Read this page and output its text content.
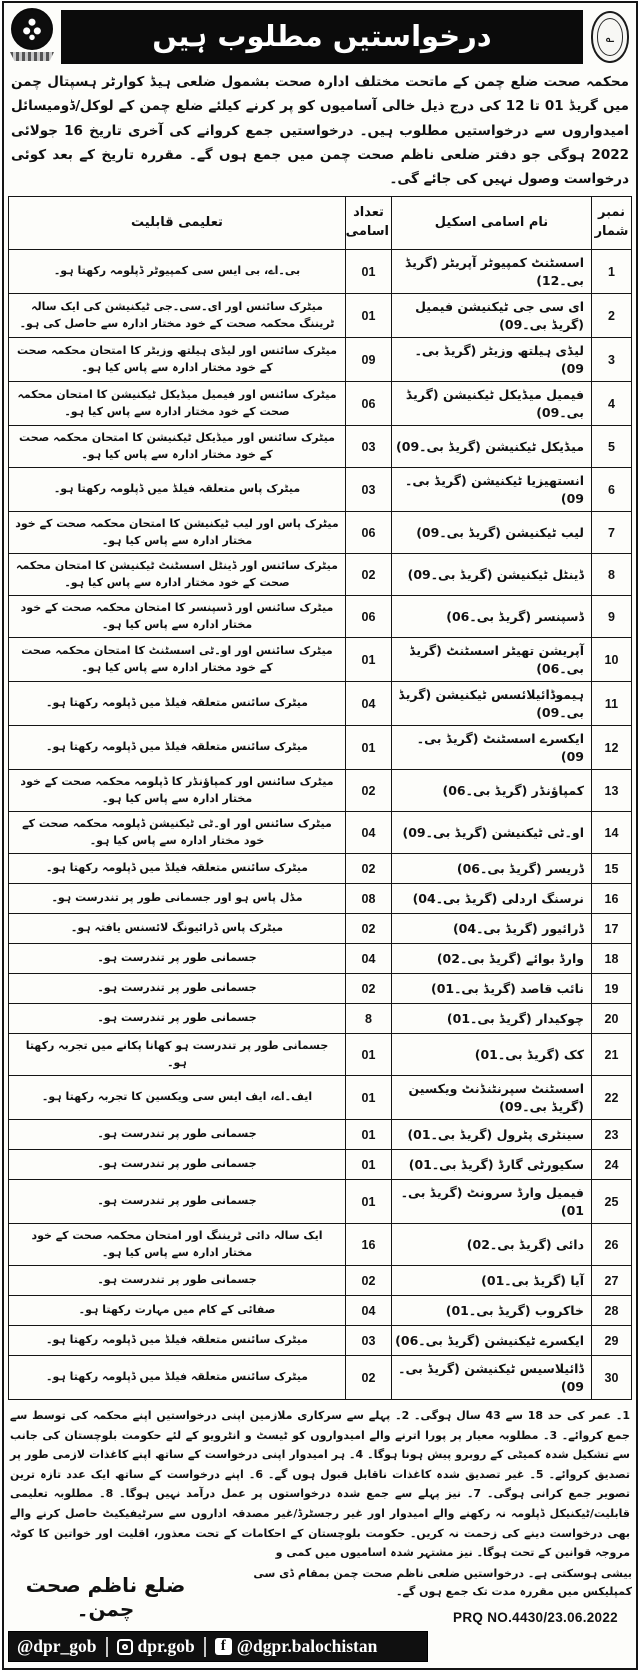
درخواستیں مطلوب ہیں	؎
محکمہ صحت ضلع چمن کے ماتحت مختلف ادارہ صحت بشمول ضلعی ہیڈ کوارٹر ہسپتال چمن میں گریڈ 01 تا 12 کی درج ذیل خالی آسامیوں کو پر کرنے کیلئے ضلع چمن کے لوکل/ڈومیسائل امیدواروں سے درخواستیں مطلوب ہیں۔ درخواستیں جمع کروانے کی آخری تاریخ 16 جولائی 2022 ہوگی جو دفتر ضلعی ناظم صحت چمن میں جمع ہوں گے۔ مقررہ تاریخ کے بعد کوئی درخواست وصول نہیں کی جائے گی۔
نمبر شمار	نام اسامی اسکیل	تعداد اسامی	تعلیمی قابلیت
1	اسسٹنٹ کمپیوٹر آپریٹر (گریڈ بی۔12)	01	بی۔اے، بی ایس سی کمپیوٹر ڈپلومہ رکھتا ہو۔
2	ای سی جی ٹیکنیشن فیمیل (گریڈ بی۔09)	01	میٹرک سائنس اور ای۔سی۔جی ٹیکنیشن کی ایک سالہ ٹریننگ محکمہ صحت کے خود مختار ادارہ سے حاصل کی ہو۔
3	لیڈی ہیلتھ وزیٹر (گریڈ بی۔09)	09	میٹرک سائنس اور لیڈی ہیلتھ وزیٹر کا امتحان محکمہ صحت کے خود مختار ادارہ سے پاس کیا ہو۔
4	فیمیل میڈیکل ٹیکنیشن (گریڈ بی۔09)	06	میٹرک سائنس اور فیمیل میڈیکل ٹیکنیشن کا امتحان محکمہ صحت کے خود مختار ادارہ سے پاس کیا ہو۔
5	میڈیکل ٹیکنیشن (گریڈ بی۔09)	03	میٹرک سائنس اور میڈیکل ٹیکنیشن کا امتحان محکمہ صحت کے خود مختار ادارہ سے پاس کیا ہو۔
6	انستھیزیا ٹیکنیشن (گریڈ بی۔09)	03	میٹرک پاس متعلقہ فیلڈ میں ڈپلومہ رکھتا ہو۔
7	لیب ٹیکنیشن (گریڈ بی۔09)	06	میٹرک پاس اور لیب ٹیکنیشن کا امتحان محکمہ صحت کے خود مختار ادارہ سے پاس کیا ہو۔
8	ڈینٹل ٹیکنیشن (گریڈ بی۔09)	02	میٹرک سائنس اور ڈینٹل اسسٹنٹ ٹیکنیشن کا امتحان محکمہ صحت کے خود مختار ادارہ سے پاس کیا ہو۔
9	ڈسپنسر (گریڈ بی۔06)	06	میٹرک سائنس اور ڈسپنسر کا امتحان محکمہ صحت کے خود مختار ادارہ سے پاس کیا ہو۔
10	آپریشن تھیٹر اسسٹنٹ (گریڈ بی۔06)	01	میٹرک سائنس اور او۔ٹی اسسٹنٹ کا امتحان محکمہ صحت کے خود مختار ادارہ سے پاس کیا ہو۔
11	ہیموڈائیلائسس ٹیکنیشن (گریڈ بی۔09)	04	میٹرک سائنس متعلقہ فیلڈ میں ڈپلومہ رکھتا ہو۔
12	ایکسرے اسسٹنٹ (گریڈ بی۔09)	01	میٹرک سائنس متعلقہ فیلڈ میں ڈپلومہ رکھتا ہو۔
13	کمپاؤنڈر (گریڈ بی۔06)	02	میٹرک سائنس اور کمپاؤنڈر کا ڈپلومہ محکمہ صحت کے خود مختار ادارہ سے پاس کیا ہو۔
14	او۔ٹی ٹیکنیشن (گریڈ بی۔09)	04	میٹرک سائنس اور او۔ٹی ٹیکنیشن ڈپلومہ محکمہ صحت کے خود مختار ادارہ سے پاس کیا ہو۔
15	ڈریسر (گریڈ بی۔06)	02	میٹرک سائنس متعلقہ فیلڈ میں ڈپلومہ رکھتا ہو۔
16	نرسنگ اردلی (گریڈ بی۔04)	08	مڈل پاس ہو اور جسمانی طور پر تندرست ہو۔
17	ڈرائیور (گریڈ بی۔04)	02	میٹرک پاس ڈرائیونگ لائسنس یافتہ ہو۔
18	وارڈ بوائے (گریڈ بی۔02)	04	جسمانی طور پر تندرست ہو۔
19	نائب قاصد (گریڈ بی۔01)	02	جسمانی طور پر تندرست ہو۔
20	چوکیدار (گریڈ بی۔01)	8	جسمانی طور پر تندرست ہو۔
21	کک (گریڈ بی۔01)	01	جسمانی طور پر تندرست ہو کھانا پکانے میں تجربہ رکھتا ہو۔
22	اسسٹنٹ سپرنٹنڈنٹ ویکسین (گریڈ بی۔09)	01	ایف۔اے، ایف ایس سی ویکسین کا تجربہ رکھتا ہو۔
23	سینٹری پٹرول (گریڈ بی۔01)	01	جسمانی طور پر تندرست ہو۔
24	سکیورٹی گارڈ (گریڈ بی۔01)	01	جسمانی طور پر تندرست ہو۔
25	فیمیل وارڈ سرونٹ (گریڈ بی۔01)	01	جسمانی طور پر تندرست ہو۔
26	دائی (گریڈ بی۔02)	16	ایک سالہ دائی ٹریننگ اور امتحان محکمہ صحت کے خود مختار ادارہ سے پاس کیا ہو۔
27	آیا (گریڈ بی۔01)	02	جسمانی طور پر تندرست ہو۔
28	خاکروب (گریڈ بی۔01)	04	صفائی کے کام میں مہارت رکھتا ہو۔
29	ایکسرے ٹیکنیشن (گریڈ بی۔06)	03	میٹرک سائنس متعلقہ فیلڈ میں ڈپلومہ رکھتا ہو۔
30	ڈائیلاسیس ٹیکنیشن (گریڈ بی۔09)	02	میٹرک سائنس متعلقہ فیلڈ میں ڈپلومہ رکھتا ہو۔
1۔ عمر کی حد 18 سے 43 سال ہوگی۔ 2۔ پہلے سے سرکاری ملازمین اپنی درخواستیں اپنے محکمہ کی توسط سے جمع کروائے۔ 3۔ مطلوبہ معیار پر پورا اترنے والے امیدواروں کو ٹیسٹ و انٹرویو کے لئے حکومت بلوچستان کی جانب سے تشکیل شدہ کمیٹی کے روبرو پیش ہونا ہوگا۔ 4۔ ہر امیدوار اپنی درخواست کے ساتھ اپنے کاغذات لازمی طور پر تصدیق کروائے۔ 5۔ غیر تصدیق شدہ کاغذات ناقابل قبول ہوں گے۔ 6۔ اپنے درخواست کے ساتھ ایک عدد تازہ ترین تصویر جمع کرانی ہوگی۔ 7۔ نیز پہلے سے جمع شدہ درخواستوں پر عمل درآمد نہیں ہوگا۔ 8۔ مطلوبہ تعلیمی قابلیت/ٹیکنیکل ڈپلومہ نہ رکھنے والے امیدوار اور غیر رجسٹرڈ/غیر مصدقہ اداروں سے سرٹیفیکیٹ حاصل کرنے والے بھی درخواست دینے کی زحمت نہ کریں۔ حکومت بلوچستان کے احکامات کے تحت معذور، اقلیت اور خواتین کا کوٹہ مروجہ قوانین کے تحت ہوگا۔ نیز مشتہر شدہ اسامیوں میں کمی و
ضلع ناظم صحت چمن۔
بیشی ہوسکتی ہے۔ درخواستیں ضلعی ناظم صحت چمن بمقام ڈی سی کمپلیکس میں مقررہ مدت تک جمع ہوں گے۔
PRQ NO.4430/23.06.2022
@dpr_gob dpr.gob	f @dgpr.balochistan
